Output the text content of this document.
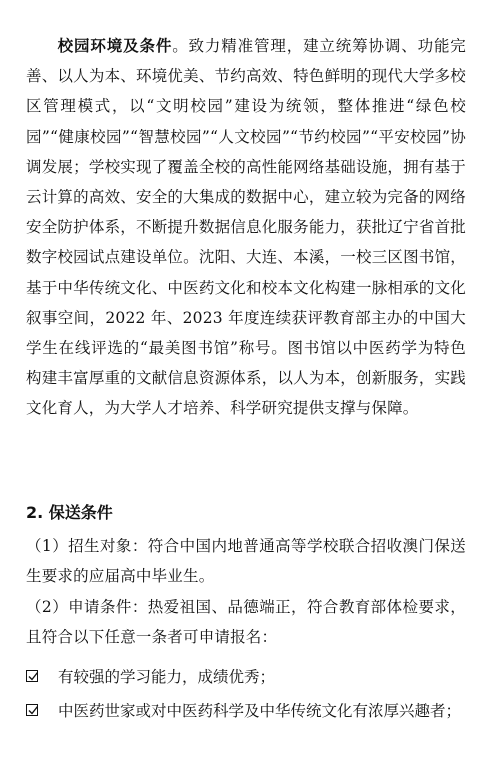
校园环境及条件。致力精准管理，建立统筹协调、功能完善、以人为本、环境优美、节约高效、特色鲜明的现代大学多校区管理模式，以“文明校园”建设为统领，整体推进“绿色校园”“健康校园”“智慧校园”“人文校园”“节约校园”“平安校园”协调发展；学校实现了覆盖全校的高性能网络基础设施，拥有基于云计算的高效、安全的大集成的数据中心，建立较为完备的网络安全防护体系，不断提升数据信息化服务能力，获批辽宁省首批数字校园试点建设单位。沈阳、大连、本溪，一校三区图书馆，基于中华传统文化、中医药文化和校本文化构建一脉相承的文化叙事空间，2022 年、2023 年度连续获评教育部主办的中国大学生在线评选的“最美图书馆”称号。图书馆以中医药学为特色构建丰富厚重的文献信息资源体系，以人为本，创新服务，实践文化育人，为大学人才培养、科学研究提供支撑与保障。

2. 保送条件

（1）招生对象：符合中国内地普通高等学校联合招收澳门保送生要求的应届高中毕业生。

（2）申请条件：热爱祖国、品德端正，符合教育部体检要求，且符合以下任意一条者可申请报名：

有较强的学习能力，成绩优秀；
中医药世家或对中医药科学及中华传统文化有浓厚兴趣者；
